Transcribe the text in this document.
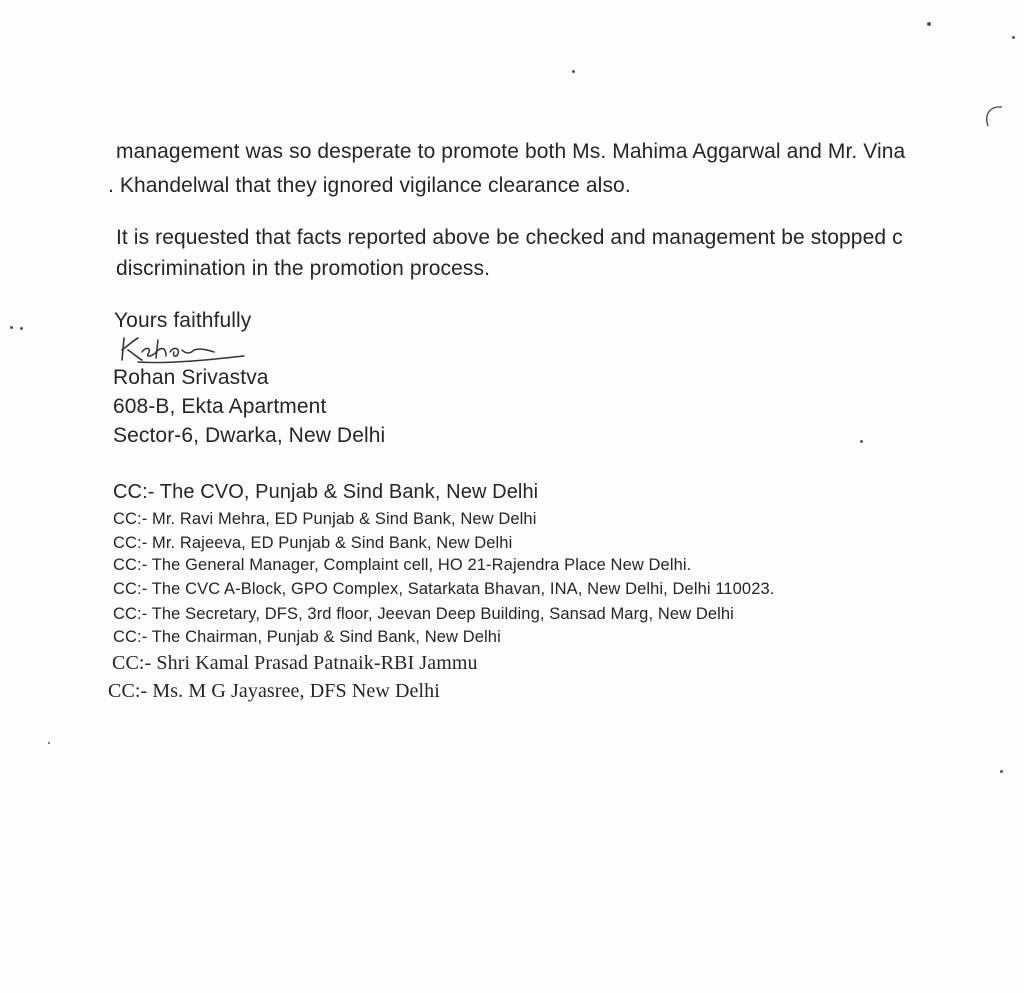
management was so desperate to promote both Ms. Mahima Aggarwal and Mr. Vina
. Khandelwal that they ignored vigilance clearance also.
It is requested that facts reported above be checked and management be stopped c
discrimination in the promotion process.
Yours faithfully
Rohan Srivastva
608-B, Ekta Apartment
Sector-6, Dwarka, New Delhi
CC:- The CVO, Punjab & Sind Bank, New Delhi
CC:- Mr. Ravi Mehra, ED Punjab & Sind Bank, New Delhi
CC:- Mr. Rajeeva, ED Punjab & Sind Bank, New Delhi
CC:- The General Manager, Complaint cell, HO 21-Rajendra Place New Delhi.
CC:- The CVC A-Block, GPO Complex, Satarkata Bhavan, INA, New Delhi, Delhi 110023.
CC:- The Secretary, DFS, 3rd floor, Jeevan Deep Building, Sansad Marg, New Delhi
CC:- The Chairman, Punjab & Sind Bank, New Delhi
CC:- Shri Kamal Prasad Patnaik-RBI Jammu
CC:- Ms. M G Jayasree, DFS New Delhi
